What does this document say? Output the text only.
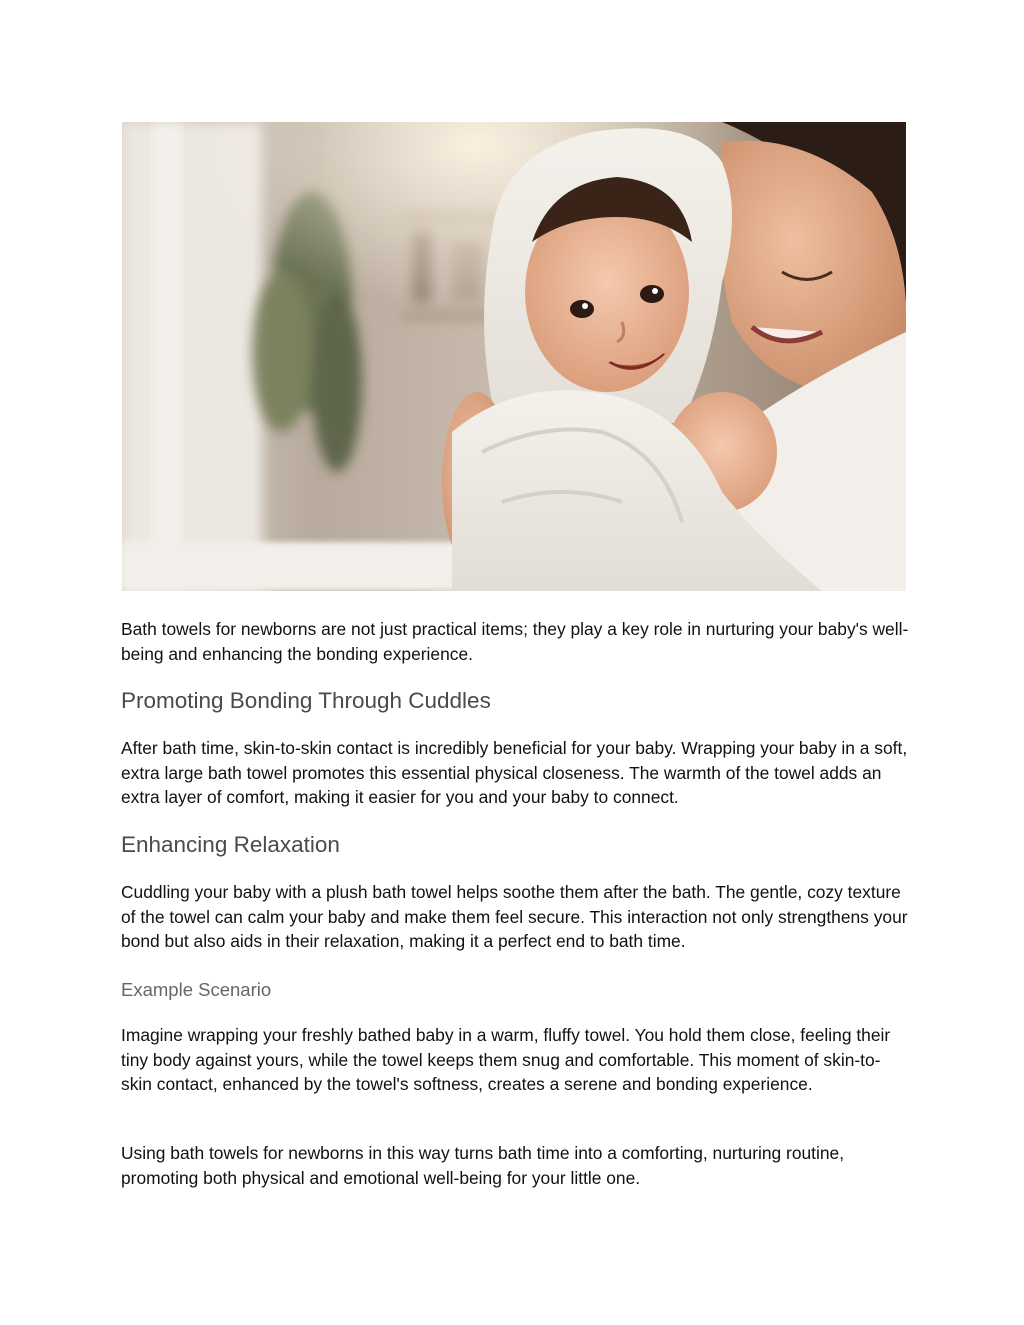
Bath towels for newborns are not just practical items; they play a key role in nurturing your baby's well-being and enhancing the bonding experience.

Promoting Bonding Through Cuddles

After bath time, skin-to-skin contact is incredibly beneficial for your baby. Wrapping your baby in a soft, extra large bath towel promotes this essential physical closeness. The warmth of the towel adds an extra layer of comfort, making it easier for you and your baby to connect.

Enhancing Relaxation

Cuddling your baby with a plush bath towel helps soothe them after the bath. The gentle, cozy texture of the towel can calm your baby and make them feel secure. This interaction not only strengthens your bond but also aids in their relaxation, making it a perfect end to bath time.

Example Scenario

Imagine wrapping your freshly bathed baby in a warm, fluffy towel. You hold them close, feeling their tiny body against yours, while the towel keeps them snug and comfortable. This moment of skin-to-skin contact, enhanced by the towel's softness, creates a serene and bonding experience.

Using bath towels for newborns in this way turns bath time into a comforting, nurturing routine, promoting both physical and emotional well-being for your little one.
